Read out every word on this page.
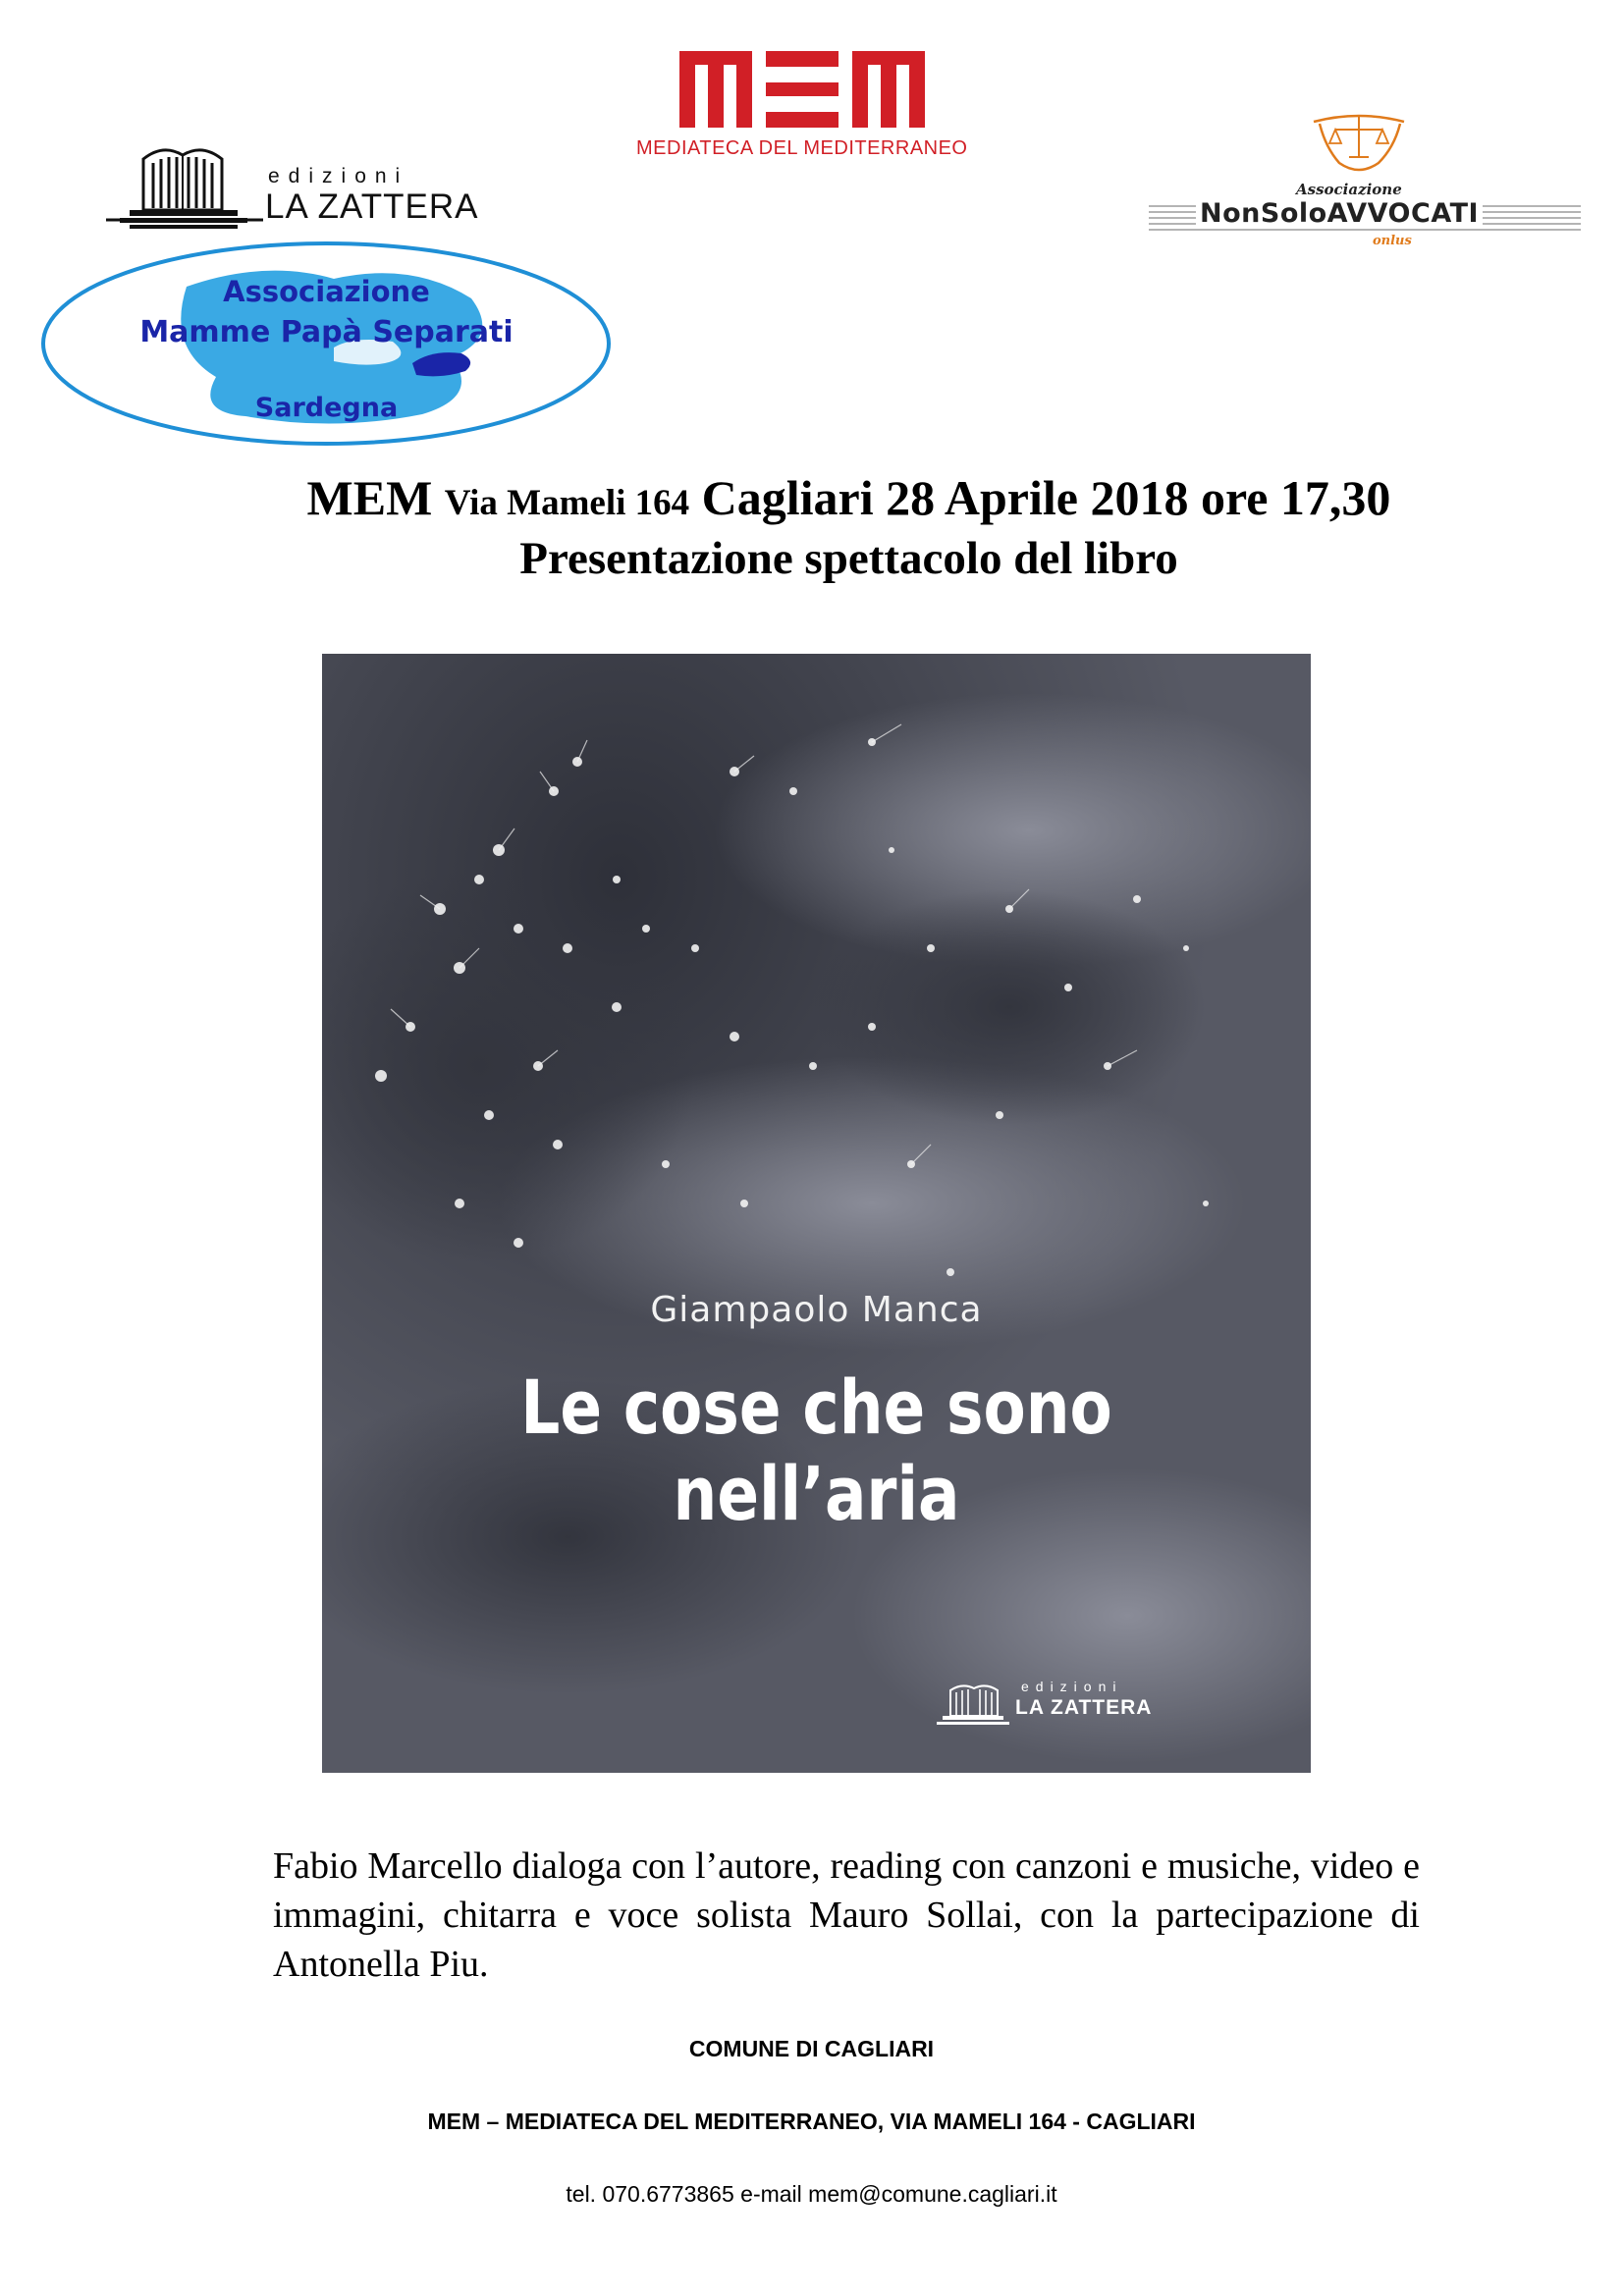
edizioni
LA ZATTERA
MEDIATECA DEL MEDITERRANEO
Associazione
NonSoloAVVOCATI
onlus
Associazione
Mamme Papà Separati
Sardegna
MEM Via Mameli 164 Cagliari 28 Aprile 2018 ore 17,30
Presentazione spettacolo del libro
Giampaolo Manca
Le cose che sono
nell’aria
edizioni
LA ZATTERA

Fabio Marcello dialoga con l’autore, reading con canzoni e musiche, video e immagini, chitarra e voce solista Mauro Sollai, con la partecipazione di Antonella Piu.

COMUNE DI CAGLIARI
MEM – MEDIATECA DEL MEDITERRANEO, VIA MAMELI 164 - CAGLIARI
tel. 070.6773865 e-mail mem@comune.cagliari.it
